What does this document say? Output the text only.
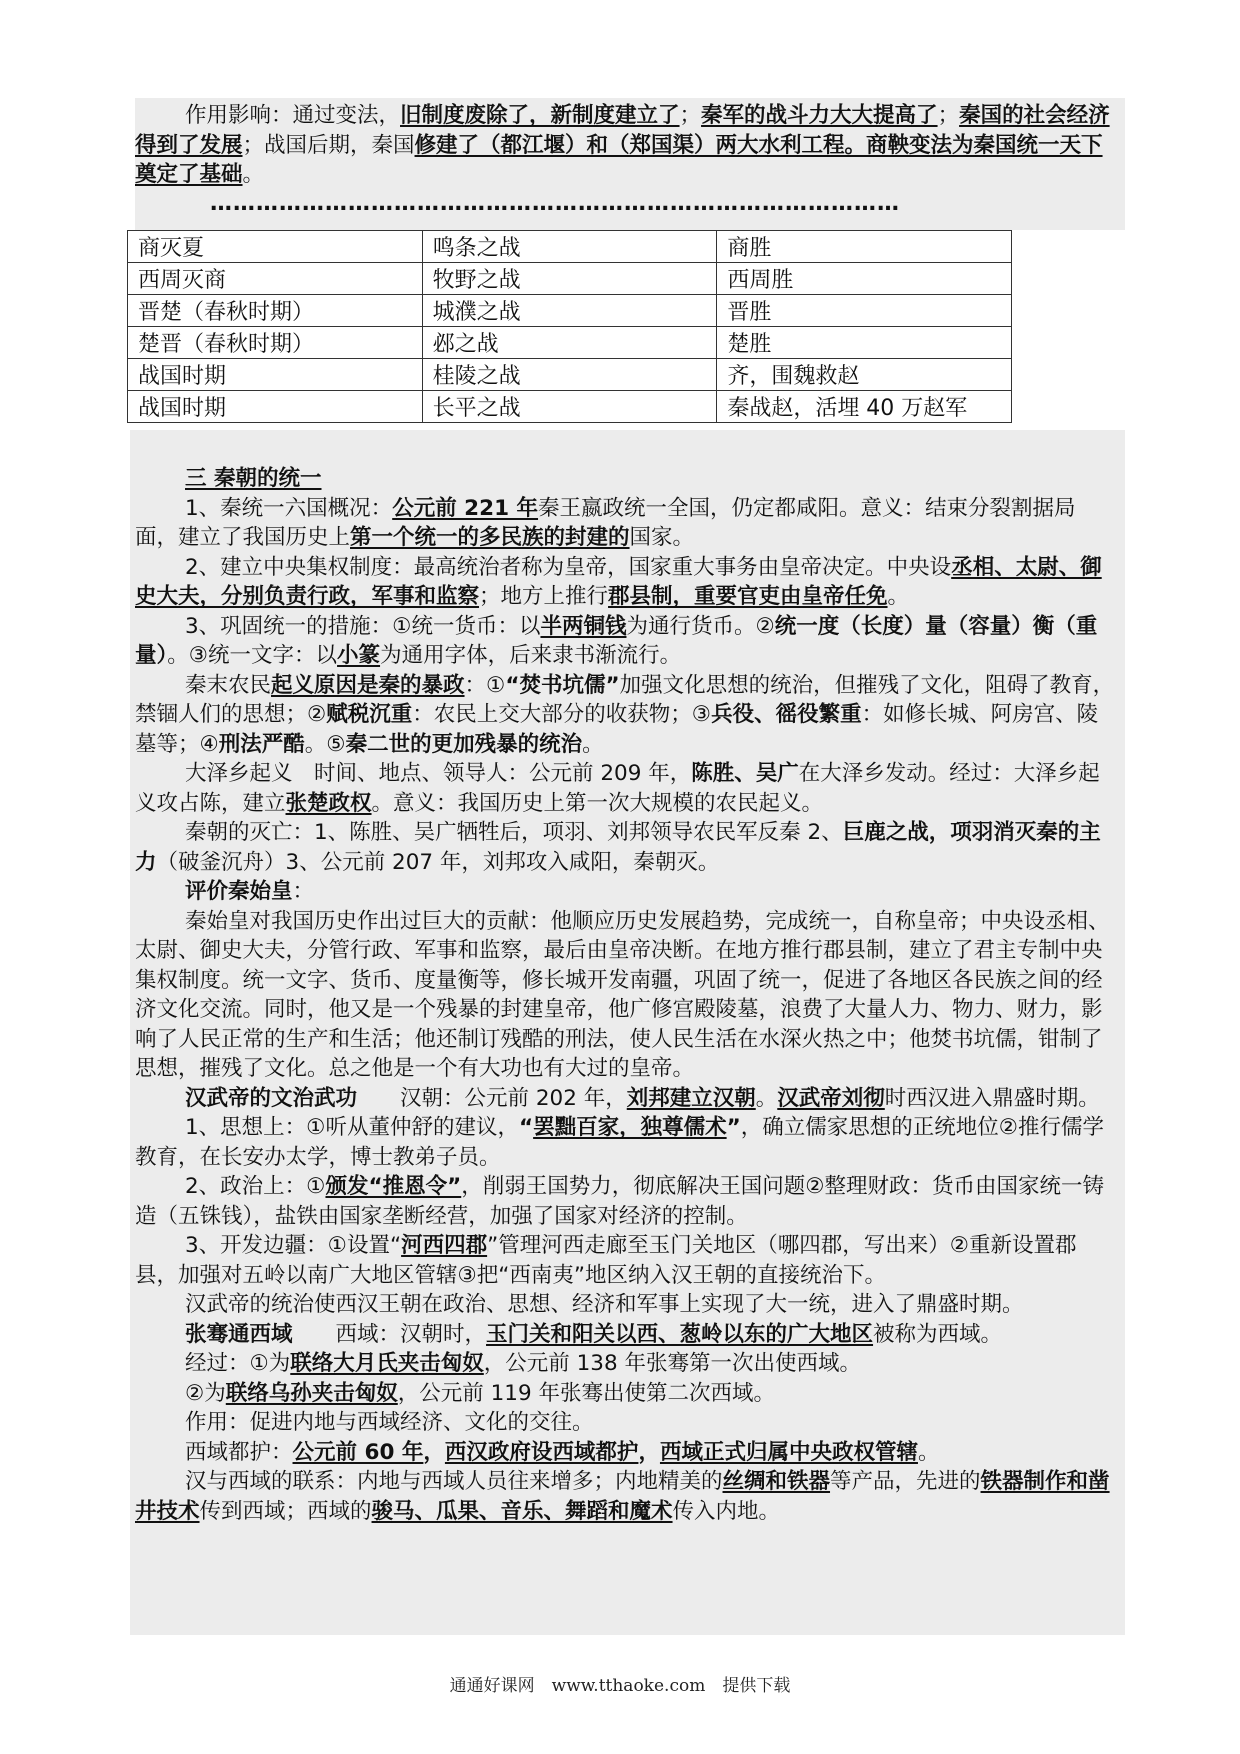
作用影响：通过变法，旧制度废除了，新制度建立了；秦军的战斗力大大提高了；秦国的社会经济得到了发展；战国后期，秦国修建了（都江堰）和（郑国渠）两大水利工程。商鞅变法为秦国统一天下奠定了基础。

………………………………………………………………………………
商灭夏	鸣条之战	商胜
西周灭商	牧野之战	西周胜
晋楚（春秋时期）	城濮之战	晋胜
楚晋（春秋时期）	邲之战	楚胜
战国时期	桂陵之战	齐，围魏救赵
战国时期	长平之战	秦战赵，活埋 40 万赵军

三 秦朝的统一

1、秦统一六国概况：公元前 221 年秦王嬴政统一全国，仍定都咸阳。意义：结束分裂割据局面，建立了我国历史上第一个统一的多民族的封建的国家。

2、建立中央集权制度：最高统治者称为皇帝，国家重大事务由皇帝决定。中央设丞相、太尉、御史大夫，分别负责行政，军事和监察；地方上推行郡县制，重要官吏由皇帝任免。

3、巩固统一的措施：①统一货币：以半两铜钱为通行货币。②统一度（长度）量（容量）衡（重量）。③统一文字：以小篆为通用字体，后来隶书渐流行。

秦末农民起义原因是秦的暴政：①“焚书坑儒”加强文化思想的统治，但摧残了文化，阻碍了教育，禁锢人们的思想；②赋税沉重：农民上交大部分的收获物；③兵役、徭役繁重：如修长城、阿房宫、陵墓等；④刑法严酷。⑤秦二世的更加残暴的统治。

大泽乡起义　时间、地点、领导人：公元前 209 年，陈胜、吴广在大泽乡发动。经过：大泽乡起义攻占陈，建立张楚政权。意义：我国历史上第一次大规模的农民起义。

秦朝的灭亡：1、陈胜、吴广牺牲后，项羽、刘邦领导农民军反秦 2、巨鹿之战，项羽消灭秦的主力（破釜沉舟）3、公元前 207 年，刘邦攻入咸阳，秦朝灭。

评价秦始皇：

秦始皇对我国历史作出过巨大的贡献：他顺应历史发展趋势，完成统一，自称皇帝；中央设丞相、太尉、御史大夫，分管行政、军事和监察，最后由皇帝决断。在地方推行郡县制，建立了君主专制中央集权制度。统一文字、货币、度量衡等，修长城开发南疆，巩固了统一，促进了各地区各民族之间的经济文化交流。同时，他又是一个残暴的封建皇帝，他广修宫殿陵墓，浪费了大量人力、物力、财力，影响了人民正常的生产和生活；他还制订残酷的刑法，使人民生活在水深火热之中；他焚书坑儒，钳制了思想，摧残了文化。总之他是一个有大功也有大过的皇帝。

汉武帝的文治武功　　汉朝：公元前 202 年，刘邦建立汉朝。汉武帝刘彻时西汉进入鼎盛时期。

1、思想上：①听从董仲舒的建议，“罢黜百家，独尊儒术”，确立儒家思想的正统地位②推行儒学教育，在长安办太学，博士教弟子员。

2、政治上：①颁发“推恩令”，削弱王国势力，彻底解决王国问题②整理财政：货币由国家统一铸造（五铢钱），盐铁由国家垄断经营，加强了国家对经济的控制。

3、开发边疆：①设置“河西四郡”管理河西走廊至玉门关地区（哪四郡，写出来）②重新设置郡县，加强对五岭以南广大地区管辖③把“西南夷”地区纳入汉王朝的直接统治下。

汉武帝的统治使西汉王朝在政治、思想、经济和军事上实现了大一统，进入了鼎盛时期。

张骞通西域　　西域：汉朝时，玉门关和阳关以西、葱岭以东的广大地区被称为西域。

经过：①为联络大月氏夹击匈奴，公元前 138 年张骞第一次出使西域。

②为联络乌孙夹击匈奴，公元前 119 年张骞出使第二次西域。

作用：促进内地与西域经济、文化的交往。

西域都护：公元前 60 年，西汉政府设西域都护，西域正式归属中央政权管辖。

汉与西域的联系：内地与西域人员往来增多；内地精美的丝绸和铁器等产品，先进的铁器制作和凿井技术传到西域；西域的骏马、瓜果、音乐、舞蹈和魔术传入内地。

通通好课网　www.tthaoke.com　提供下载
